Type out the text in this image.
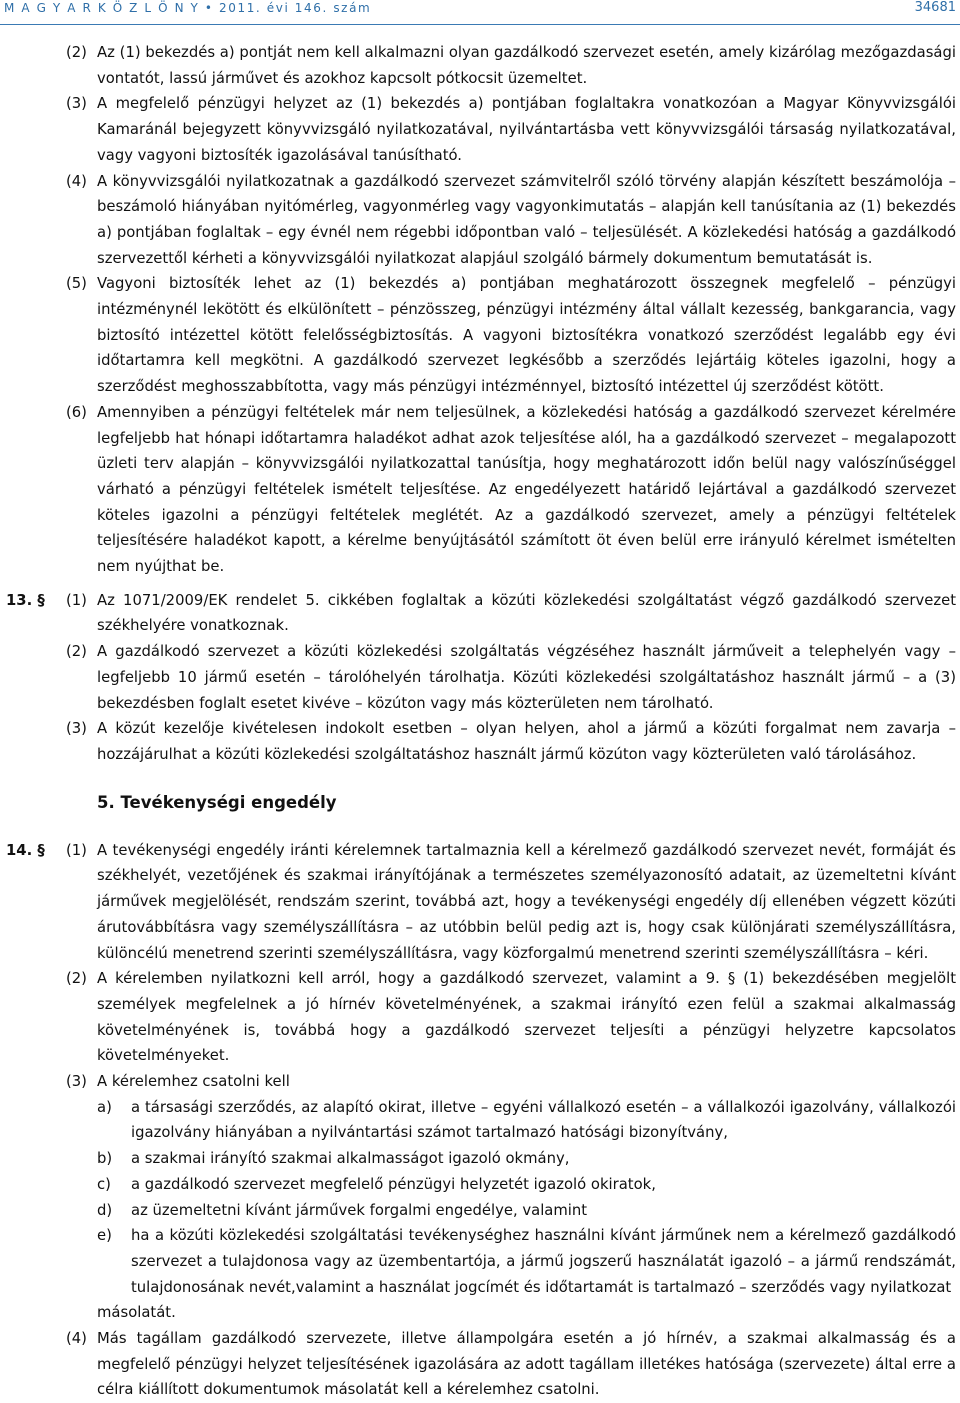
M A G Y A R K Ö Z L Ö N Y • 2011. évi 146. szám	34681
(2) Az (1) bekezdés a) pontját nem kell alkalmazni olyan gazdálkodó szervezet esetén, amely kizárólag mezőgazdasági vontatót, lassú járművet és azokhoz kapcsolt pótkocsit üzemeltet.
(3) A megfelelő pénzügyi helyzet az (1) bekezdés a) pontjában foglaltakra vonatkozóan a Magyar Könyvvizsgálói Kamaránál bejegyzett könyvvizsgáló nyilatkozatával, nyilvántartásba vett könyvvizsgálói társaság nyilatkozatával, vagy vagyoni biztosíték igazolásával tanúsítható.
(4) A könyvvizsgálói nyilatkozatnak a gazdálkodó szervezet számvitelről szóló törvény alapján készített beszámolója – beszámoló hiányában nyitómérleg, vagyonmérleg vagy vagyonkimutatás – alapján kell tanúsítania az (1) bekezdés a) pontjában foglaltak – egy évnél nem régebbi időpontban való – teljesülését. A közlekedési hatóság a gazdálkodó szervezettől kérheti a könyvvizsgálói nyilatkozat alapjául szolgáló bármely dokumentum bemutatását is.
(5) Vagyoni biztosíték lehet az (1) bekezdés a) pontjában meghatározott összegnek megfelelő – pénzügyi intézménynél lekötött és elkülönített – pénzösszeg, pénzügyi intézmény által vállalt kezesség, bankgarancia, vagy biztosító intézettel kötött felelősségbiztosítás. A vagyoni biztosítékra vonatkozó szerződést legalább egy évi időtartamra kell megkötni. A gazdálkodó szervezet legkésőbb a szerződés lejártáig köteles igazolni, hogy a szerződést meghosszabbította, vagy más pénzügyi intézménnyel, biztosító intézettel új szerződést kötött.
(6) Amennyiben a pénzügyi feltételek már nem teljesülnek, a közlekedési hatóság a gazdálkodó szervezet kérelmére legfeljebb hat hónapi időtartamra haladékot adhat azok teljesítése alól, ha a gazdálkodó szervezet – megalapozott üzleti terv alapján – könyvvizsgálói nyilatkozattal tanúsítja, hogy meghatározott időn belül nagy valószínűséggel várható a pénzügyi feltételek ismételt teljesítése. Az engedélyezett határidő lejártával a gazdálkodó szervezet köteles igazolni a pénzügyi feltételek meglétét. Az a gazdálkodó szervezet, amely a pénzügyi feltételek teljesítésére haladékot kapott, a kérelme benyújtásától számított öt éven belül erre irányuló kérelmet ismételten nem nyújthat be.
13. § (1) Az 1071/2009/EK rendelet 5. cikkében foglaltak a közúti közlekedési szolgáltatást végző gazdálkodó szervezet székhelyére vonatkoznak.
(2) A gazdálkodó szervezet a közúti közlekedési szolgáltatás végzéséhez használt járműveit a telephelyén vagy – legfeljebb 10 jármű esetén – tárolóhelyén tárolhatja. Közúti közlekedési szolgáltatáshoz használt jármű – a (3) bekezdésben foglalt esetet kivéve – közúton vagy más közterületen nem tárolható.
(3) A közút kezelője kivételesen indokolt esetben – olyan helyen, ahol a jármű a közúti forgalmat nem zavarja – hozzájárulhat a közúti közlekedési szolgáltatáshoz használt jármű közúton vagy közterületen való tárolásához.
5. Tevékenységi engedély
14. § (1) A tevékenységi engedély iránti kérelemnek tartalmaznia kell a kérelmező gazdálkodó szervezet nevét, formáját és székhelyét, vezetőjének és szakmai irányítójának a természetes személyazonosító adatait, az üzemeltetni kívánt járművek megjelölését, rendszám szerint, továbbá azt, hogy a tevékenységi engedély díj ellenében végzett közúti árutovábbításra vagy személyszállításra – az utóbbin belül pedig azt is, hogy csak különjárati személyszállításra, különcélú menetrend szerinti személyszállításra, vagy közforgalmú menetrend szerinti személyszállításra – kéri.
(2) A kérelemben nyilatkozni kell arról, hogy a gazdálkodó szervezet, valamint a 9. § (1) bekezdésében megjelölt személyek megfelelnek a jó hírnév követelményének, a szakmai irányító ezen felül a szakmai alkalmasság követelményének is, továbbá hogy a gazdálkodó szervezet teljesíti a pénzügyi helyzetre kapcsolatos követelményeket.
(3) A kérelemhez csatolni kell
a) a társasági szerződés, az alapító okirat, illetve – egyéni vállalkozó esetén – a vállalkozói igazolvány, vállalkozói igazolvány hiányában a nyilvántartási számot tartalmazó hatósági bizonyítvány,
b) a szakmai irányító szakmai alkalmasságot igazoló okmány,
c) a gazdálkodó szervezet megfelelő pénzügyi helyzetét igazoló okiratok,
d) az üzemeltetni kívánt járművek forgalmi engedélye, valamint
e) ha a közúti közlekedési szolgáltatási tevékenységhez használni kívánt járműnek nem a kérelmező gazdálkodó szervezet a tulajdonosa vagy az üzembentartója, a jármű jogszerű használatát igazoló – a jármű rendszámát, tulajdonosának nevét,valamint a használat jogcímét és időtartamát is tartalmazó – szerződés vagy nyilatkozat
másolatát.
(4) Más tagállam gazdálkodó szervezete, illetve állampolgára esetén a jó hírnév, a szakmai alkalmasság és a megfelelő pénzügyi helyzet teljesítésének igazolására az adott tagállam illetékes hatósága (szervezete) által erre a célra kiállított dokumentumok másolatát kell a kérelemhez csatolni.
